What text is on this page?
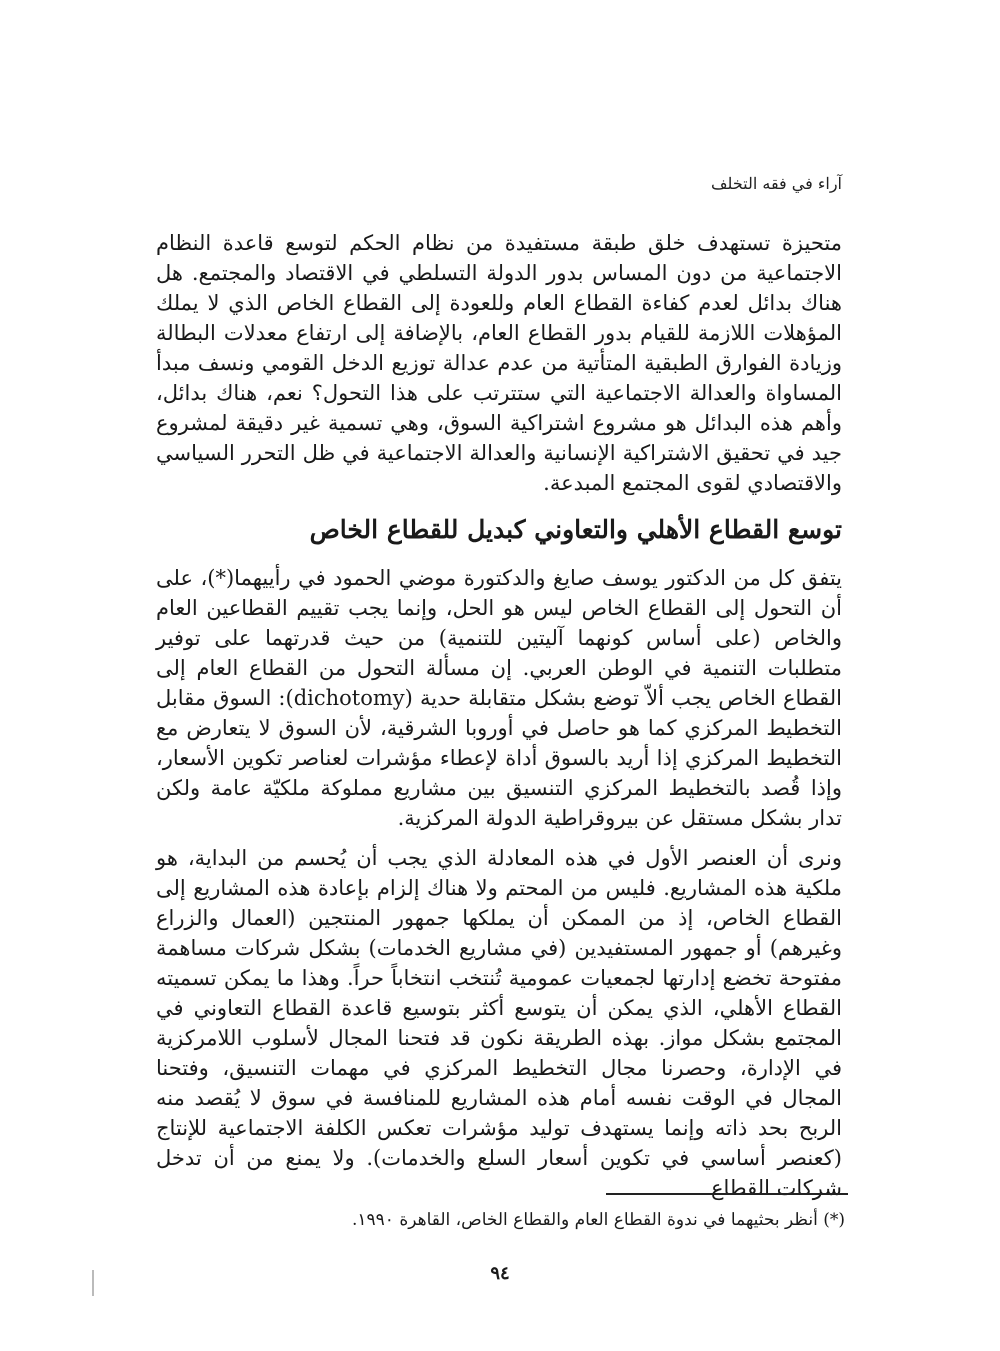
آراء في فقه التخلف

متحيزة تستهدف خلق طبقة مستفيدة من نظام الحكم لتوسع قاعدة النظام الاجتماعية من دون المساس بدور الدولة التسلطي في الاقتصاد والمجتمع. هل هناك بدائل لعدم كفاءة القطاع العام وللعودة إلى القطاع الخاص الذي لا يملك المؤهلات اللازمة للقيام بدور القطاع العام، بالإضافة إلى ارتفاع معدلات البطالة وزيادة الفوارق الطبقية المتأتية من عدم عدالة توزيع الدخل القومي ونسف مبدأ المساواة والعدالة الاجتماعية التي ستترتب على هذا التحول؟ نعم، هناك بدائل، وأهم هذه البدائل هو مشروع اشتراكية السوق، وهي تسمية غير دقيقة لمشروع جيد في تحقيق الاشتراكية الإنسانية والعدالة الاجتماعية في ظل التحرر السياسي والاقتصادي لقوى المجتمع المبدعة.

توسع القطاع الأهلي والتعاوني كبديل للقطاع الخاص

يتفق كل من الدكتور يوسف صايغ والدكتورة موضي الحمود في رأييهما(*)، على أن التحول إلى القطاع الخاص ليس هو الحل، وإنما يجب تقييم القطاعين العام والخاص (على أساس كونهما آليتين للتنمية) من حيث قدرتهما على توفير متطلبات التنمية في الوطن العربي. إن مسألة التحول من القطاع العام إلى القطاع الخاص يجب ألاّ توضع بشكل متقابلة حدية (dichotomy): السوق مقابل التخطيط المركزي كما هو حاصل في أوروبا الشرقية، لأن السوق لا يتعارض مع التخطيط المركزي إذا أريد بالسوق أداة لإعطاء مؤشرات لعناصر تكوين الأسعار، وإذا قُصد بالتخطيط المركزي التنسيق بين مشاريع مملوكة ملكيّة عامة ولكن تدار بشكل مستقل عن بيروقراطية الدولة المركزية.

ونرى أن العنصر الأول في هذه المعادلة الذي يجب أن يُحسم من البداية، هو ملكية هذه المشاريع. فليس من المحتم ولا هناك إلزام بإعادة هذه المشاريع إلى القطاع الخاص، إذ من الممكن أن يملكها جمهور المنتجين (العمال والزراع وغيرهم) أو جمهور المستفيدين (في مشاريع الخدمات) بشكل شركات مساهمة مفتوحة تخضع إدارتها لجمعيات عمومية تُنتخب انتخاباً حراً. وهذا ما يمكن تسميته القطاع الأهلي، الذي يمكن أن يتوسع أكثر بتوسيع قاعدة القطاع التعاوني في المجتمع بشكل مواز. بهذه الطريقة نكون قد فتحنا المجال لأسلوب اللامركزية في الإدارة، وحصرنا مجال التخطيط المركزي في مهمات التنسيق، وفتحنا المجال في الوقت نفسه أمام هذه المشاريع للمنافسة في سوق لا يُقصد منه الربح بحد ذاته وإنما يستهدف توليد مؤشرات تعكس الكلفة الاجتماعية للإنتاج (كعنصر أساسي في تكوين أسعار السلع والخدمات). ولا يمنع من أن تدخل شركات القطاع

(*) أنظر بحثيهما في ندوة القطاع العام والقطاع الخاص، القاهرة ١٩٩٠.
٩٤
